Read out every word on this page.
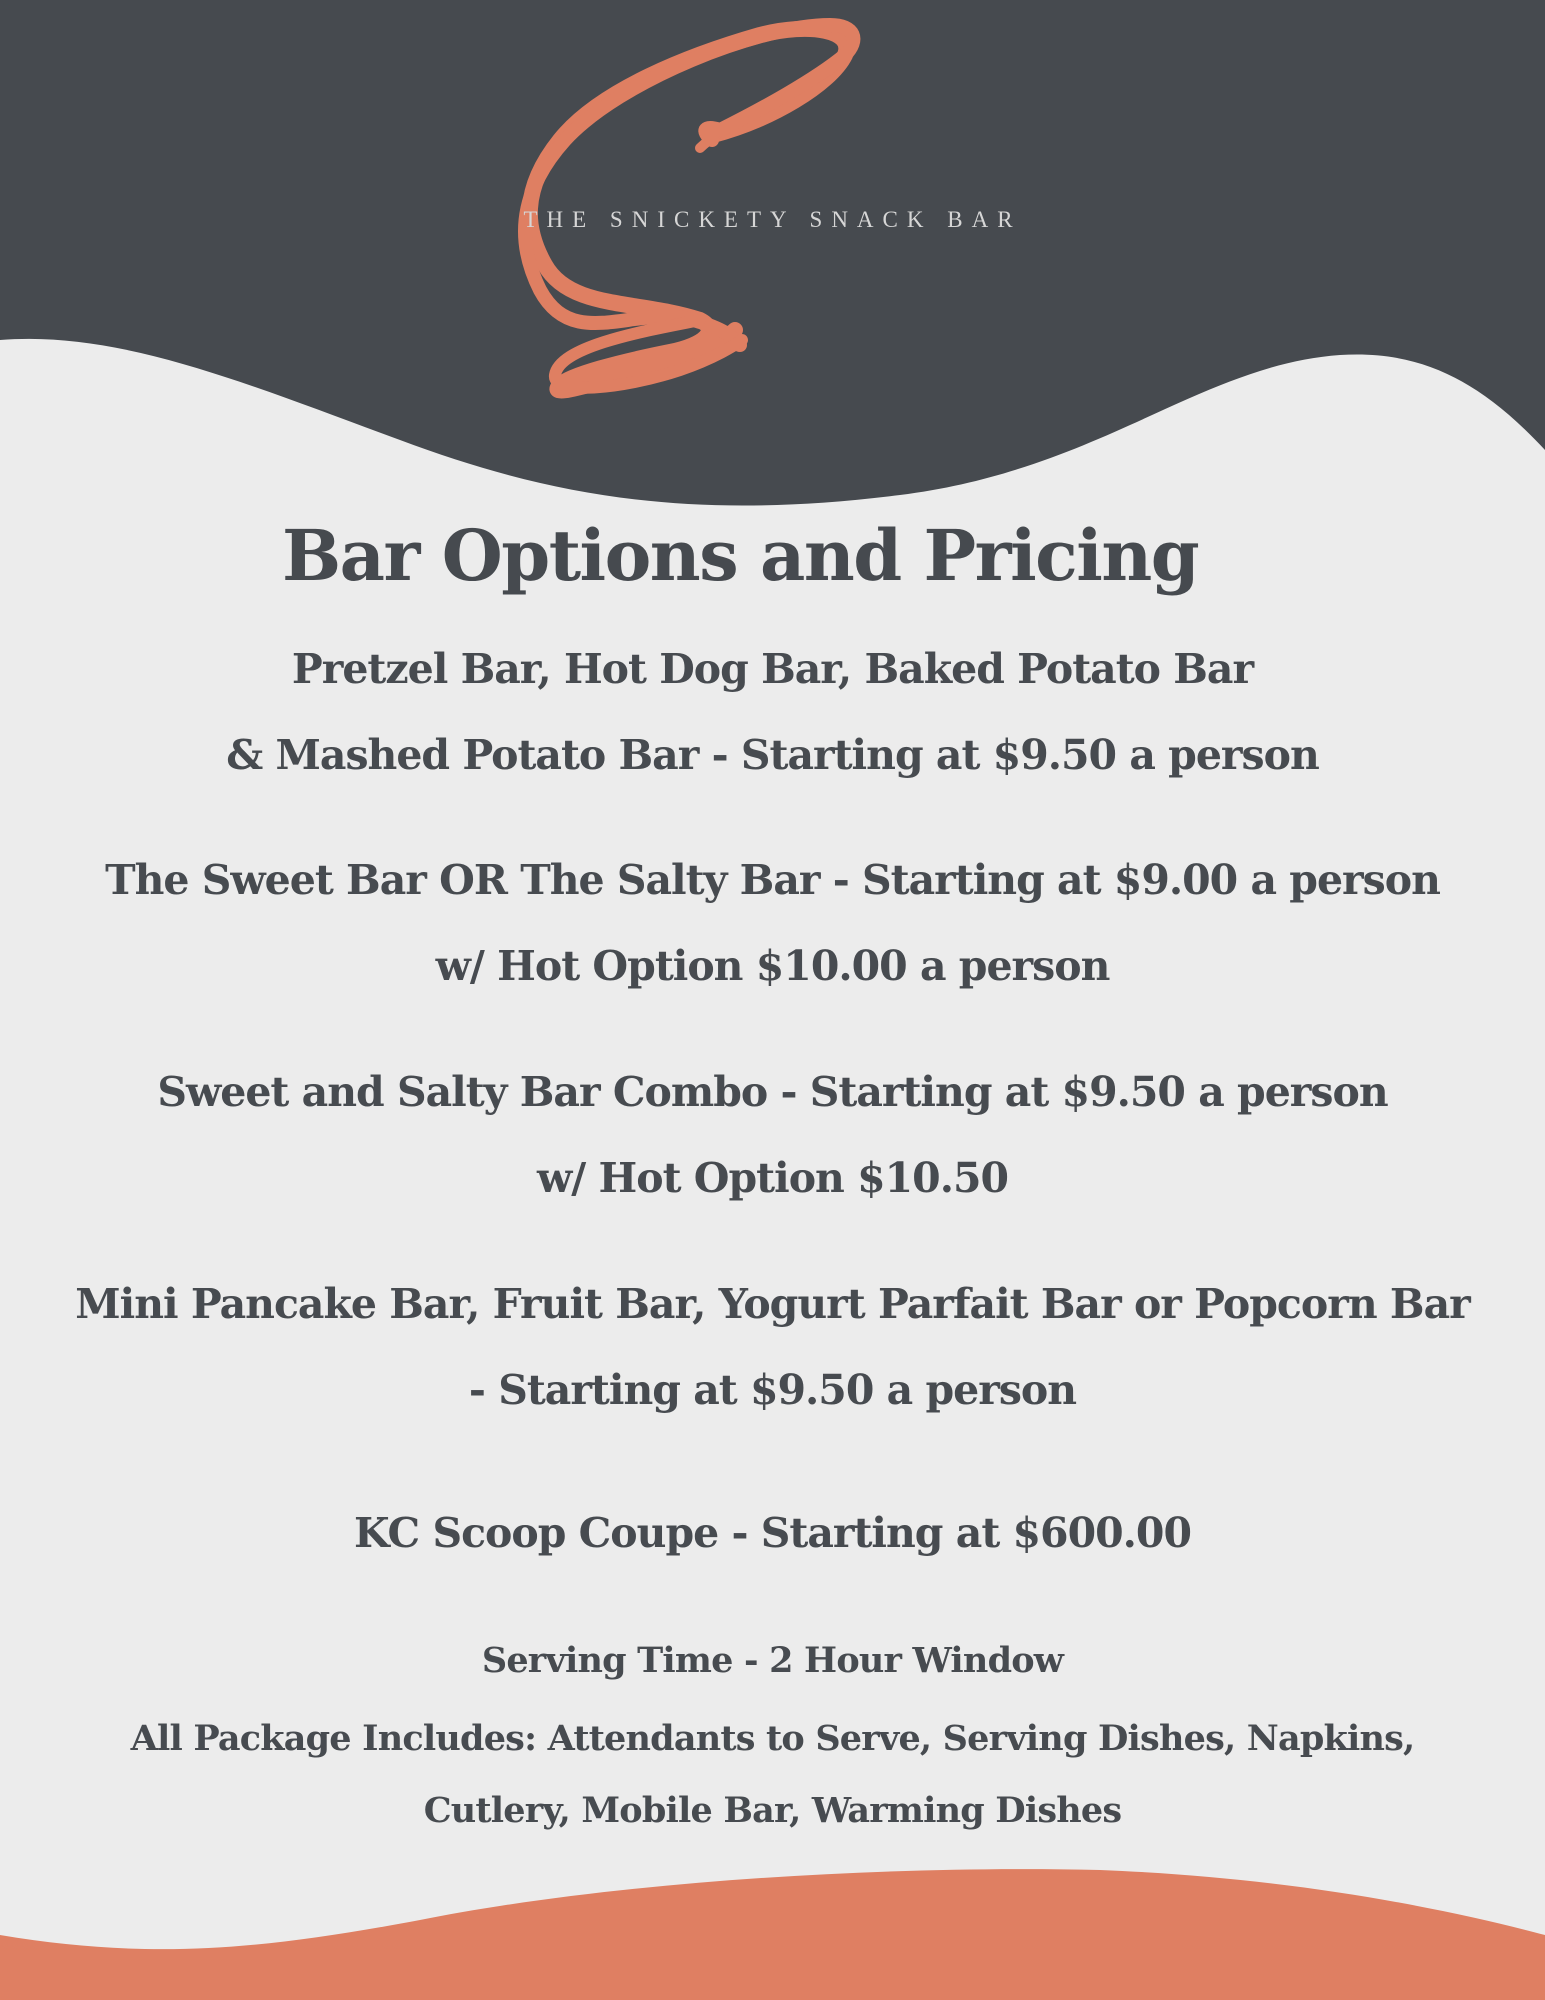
THE SNICKETY SNACK BAR
Bar Options and Pricing
Pretzel Bar, Hot Dog Bar, Baked Potato Bar
& Mashed Potato Bar - Starting at $9.50 a person
The Sweet Bar OR The Salty Bar - Starting at $9.00 a person
w/ Hot Option $10.00 a person
Sweet and Salty Bar Combo - Starting at $9.50 a person
w/ Hot Option $10.50
Mini Pancake Bar, Fruit Bar, Yogurt Parfait Bar or Popcorn Bar
- Starting at $9.50 a person
KC Scoop Coupe - Starting at $600.00
Serving Time - 2 Hour Window
All Package Includes: Attendants to Serve, Serving Dishes, Napkins,
Cutlery, Mobile Bar, Warming Dishes
